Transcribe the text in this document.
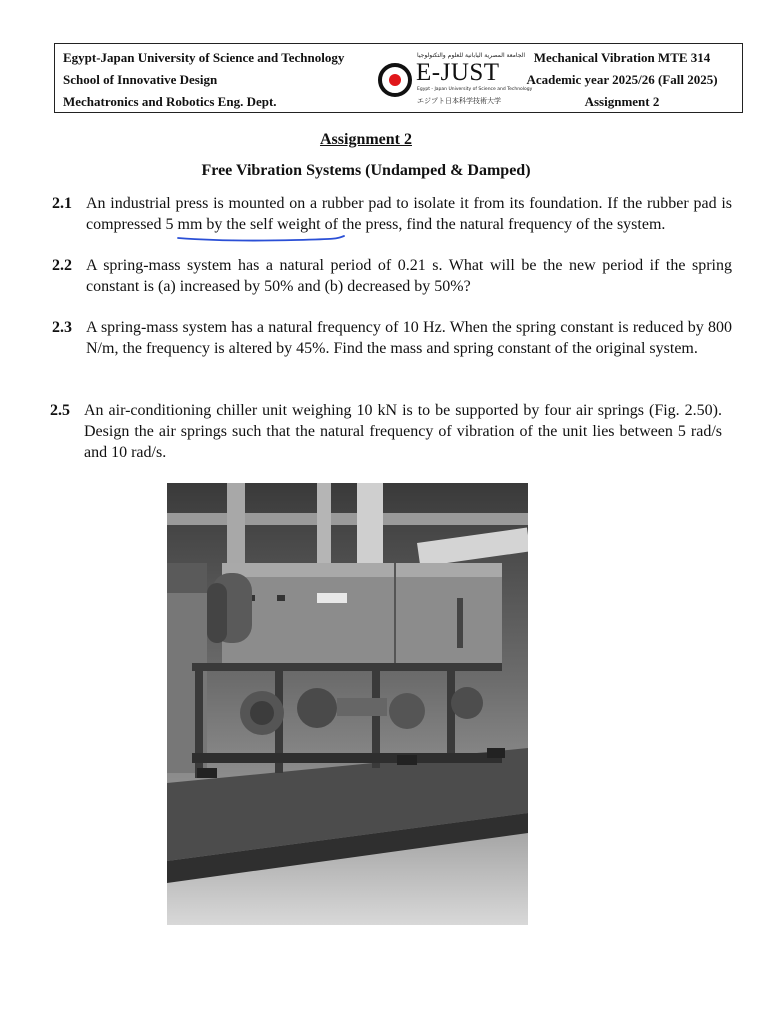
Egypt-Japan University of Science and Technology
School of Innovative Design
Mechatronics and Robotics Eng. Dept.
الجامعة المصرية اليابانية للعلوم والتكنولوجيا
E-JUST
Egypt - Japan University of Science and Technology
エジプト日本科学技術大学
Mechanical Vibration MTE 314
Academic year 2025/26 (Fall 2025)
Assignment 2
Assignment 2
Free Vibration Systems (Undamped & Damped)
2.1 An industrial press is mounted on a rubber pad to isolate it from its foundation. If the rubber pad is compressed 5 mm by the self weight of the press, find the natural frequency of the system.
2.2 A spring-mass system has a natural period of 0.21 s. What will be the new period if the spring constant is (a) increased by 50% and (b) decreased by 50%?
2.3 A spring-mass system has a natural frequency of 10 Hz. When the spring constant is reduced by 800 N/m, the frequency is altered by 45%. Find the mass and spring constant of the original system.
2.5 An air-conditioning chiller unit weighing 10 kN is to be supported by four air springs (Fig. 2.50). Design the air springs such that the natural frequency of vibration of the unit lies between 5 rad/s and 10 rad/s.
